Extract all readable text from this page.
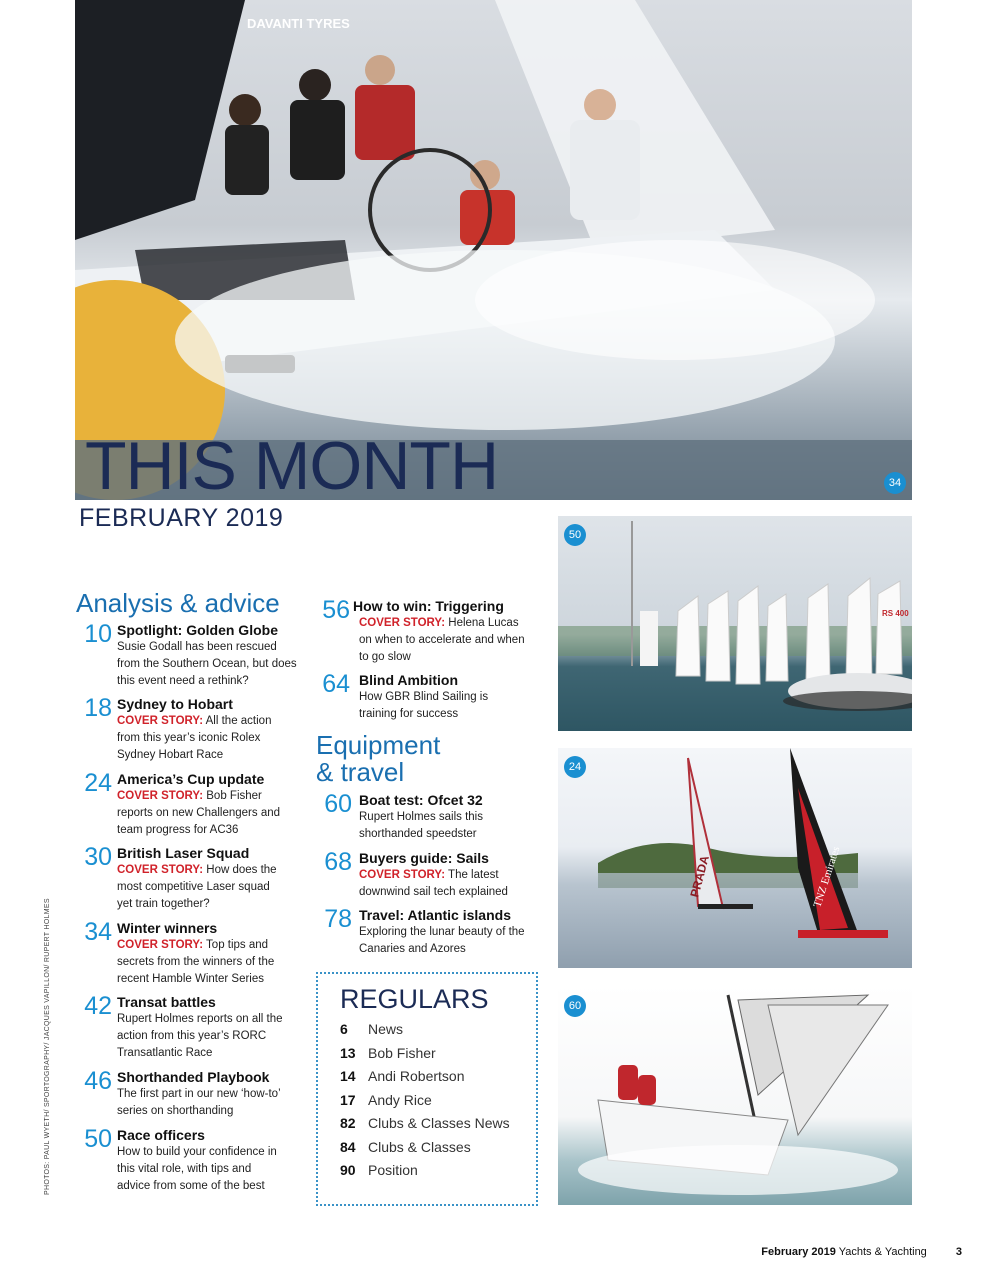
DAVANTI TYRES
THIS MONTH	34
FEBRUARY 2019
Analysis & advice
10 Spotlight: Golden Globe
Susie Godall has been rescued from the Southern Ocean, but does this event need a rethink?
18 Sydney to Hobart
COVER STORY: All the action from this year’s iconic Rolex Sydney Hobart Race
24 America’s Cup update
COVER STORY: Bob Fisher reports on new Challengers and team progress for AC36
30 British Laser Squad
COVER STORY: How does the most competitive Laser squad yet train together?
34 Winter winners
COVER STORY: Top tips and secrets from the winners of the recent Hamble Winter Series
42 Transat battles
Rupert Holmes reports on all the action from this year’s RORC Transatlantic Race
46 Shorthanded Playbook
The first part in our new ‘how-to’ series on shorthanding
50 Race officers
How to build your confidence in this vital role, with tips and advice from some of the best
PHOTOS: PAUL WYETH/ SPORTOGRAPHY/ JACQUES VAPILLON/ RUPERT HOLMES
56 How to win: Triggering
COVER STORY: Helena Lucas on when to accelerate and when to go slow
64 Blind Ambition
How GBR Blind Sailing is training for success
Equipment
& travel
60 Boat test: Ofcet 32
Rupert Holmes sails this shorthanded speedster
68 Buyers guide: Sails
COVER STORY: The latest downwind sail tech explained
78 Travel: Atlantic islands
Exploring the lunar beauty of the Canaries and Azores
REGULARS
6 News
13 Bob Fisher
14 Andi Robertson
17 Andy Rice
82 Clubs & Classes News
84 Clubs & Classes
90 Position
RS 400
50
PRADA	TNZ Emirates
24
60
February 2019 Yachts & Yachting	3
